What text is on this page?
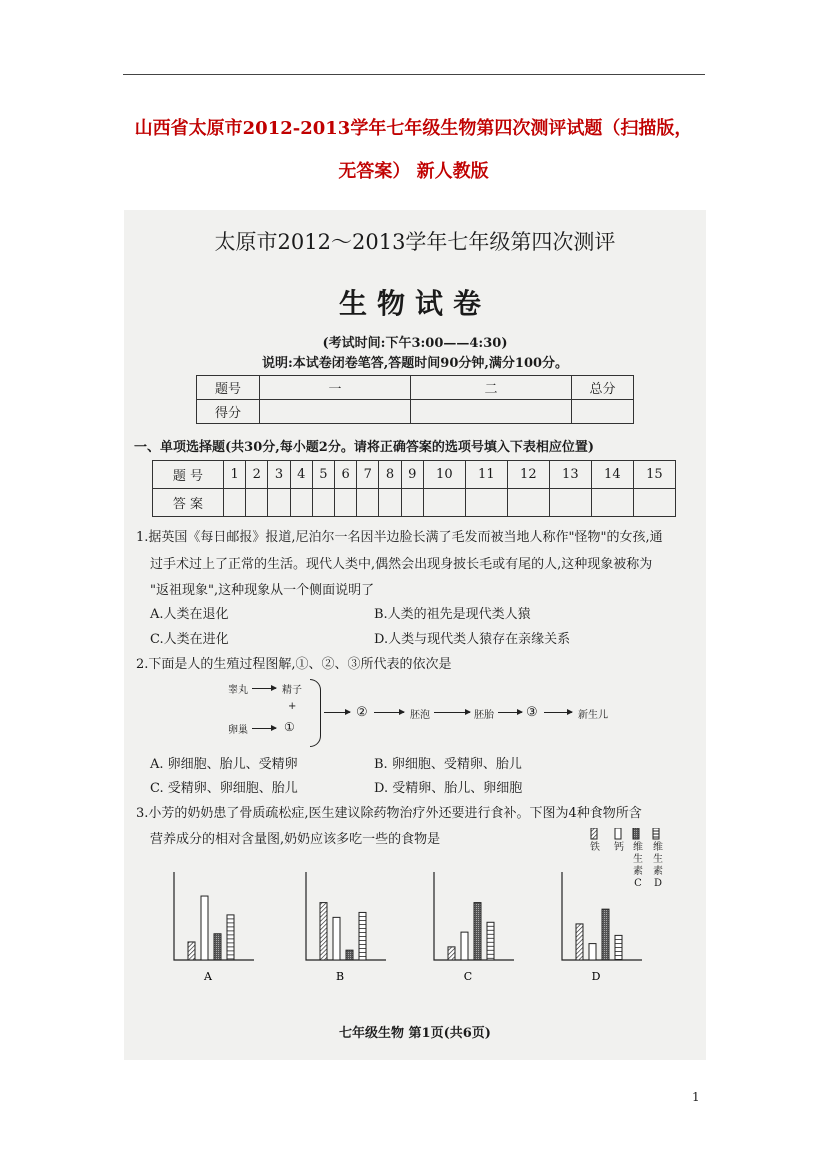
山西省太原市2012-2013学年七年级生物第四次测评试题（扫描版，
无答案） 新人教版
太原市2012～2013学年七年级第四次测评
生物试卷
(考试时间:下午3:00——4:30)
说明:本试卷闭卷笔答,答题时间90分钟,满分100分。
题号	一	二	总分
得分			
一、单项选择题(共30分,每小题2分。请将正确答案的选项号填入下表相应位置)
题 号	1	2	3	4	5	6	7	8	9	10	11	12	13	14	15
答 案															
1.据英国《每日邮报》报道,尼泊尔一名因半边脸长满了毛发而被当地人称作"怪物"的女孩,通
过手术过上了正常的生活。现代人类中,偶然会出现身披长毛或有尾的人,这种现象被称为
"返祖现象",这种现象从一个侧面说明了
A.人类在退化	B.人类的祖先是现代类人猿
C.人类在进化	D.人类与现代类人猿存在亲缘关系
2.下面是人的生殖过程图解,①、②、③所代表的依次是
睾丸	精子
+
卵巢	①
②	胚泡	胚胎 ③	新生儿
A. 卵细胞、胎儿、受精卵	B. 卵细胞、受精卵、胎儿
C. 受精卵、卵细胞、胎儿	D. 受精卵、胎儿、卵细胞
3.小芳的奶奶患了骨质疏松症,医生建议除药物治疗外还要进行食补。下图为4种食物所含
营养成分的相对含量图,奶奶应该多吃一些的食物是
A	B	C	D
铁 钙 维生素C
维生素D
七年级生物 第1页(共6页)
1
